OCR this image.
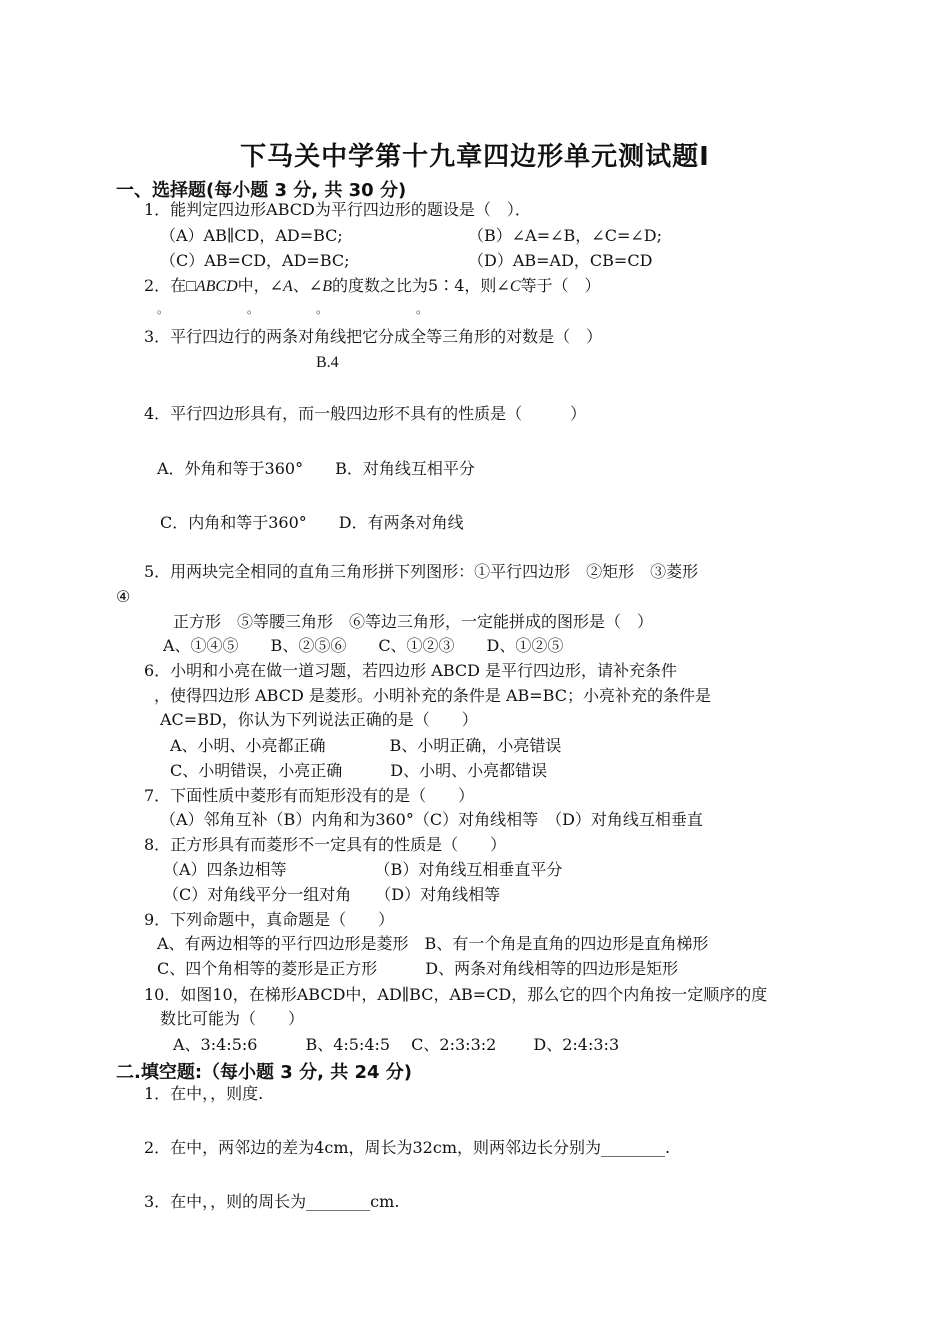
下马关中学第十九章四边形单元测试题Ⅰ
一、选择题(每小题 3 分, 共 30 分)
1．能判定四边形ABCD为平行四边形的题设是（　）．
（A）AB∥CD，AD=BC;	（B）∠A=∠B，∠C=∠D;
（C）AB=CD，AD=BC;	（D）AB=AD，CB=CD
2．在□ABCD中，∠A、∠B的度数之比为5∶4，则∠C等于（　）
。	。	。	。
3．平行四边行的两条对角线把它分成全等三角形的对数是（　）
B.4
4．平行四边形具有，而一般四边形不具有的性质是（　　　）
A．外角和等于360°　　B．对角线互相平分
C．内角和等于360°　　D．有两条对角线
5．用两块完全相同的直角三角形拼下列图形：①平行四边形　②矩形　③菱形
④
正方形　⑤等腰三角形　⑥等边三角形，一定能拼成的图形是（　）
A、①④⑤　　B、②⑤⑥　　C、①②③　　D、①②⑤
6．小明和小亮在做一道习题，若四边形 ABCD 是平行四边形，请补充条件
，使得四边形 ABCD 是菱形。小明补充的条件是 AB=BC；小亮补充的条件是
AC=BD，你认为下列说法正确的是（　　）
A、小明、小亮都正确　　　　B、小明正确，小亮错误
C、小明错误，小亮正确　　　D、小明、小亮都错误
7．下面性质中菱形有而矩形没有的是（　　）
（A）邻角互补（B）内角和为360°（C）对角线相等　（D）对角线互相垂直
8．正方形具有而菱形不一定具有的性质是（　　）
（A）四条边相等　　　　　　（B）对角线互相垂直平分
（C）对角线平分一组对角　　（D）对角线相等
9．下列命题中，真命题是（　　）
A、有两边相等的平行四边形是菱形　B、有一个角是直角的四边形是直角梯形
C、四个角相等的菱形是正方形　　　D、两条对角线相等的四边形是矩形
10．如图10，在梯形ABCD中，AD∥BC，AB=CD，那么它的四个内角按一定顺序的度
数比可能为（　　）
A、3:4:5:6　　　B、4:5:4:5　 C、2:3:3:2　　 D、2:4:3:3
二.填空题:（每小题 3 分, 共 24 分)
1．在中，，则度.
2．在中，两邻边的差为4cm，周长为32cm，则两邻边长分别为________.
3．在中，，则的周长为________cm.
